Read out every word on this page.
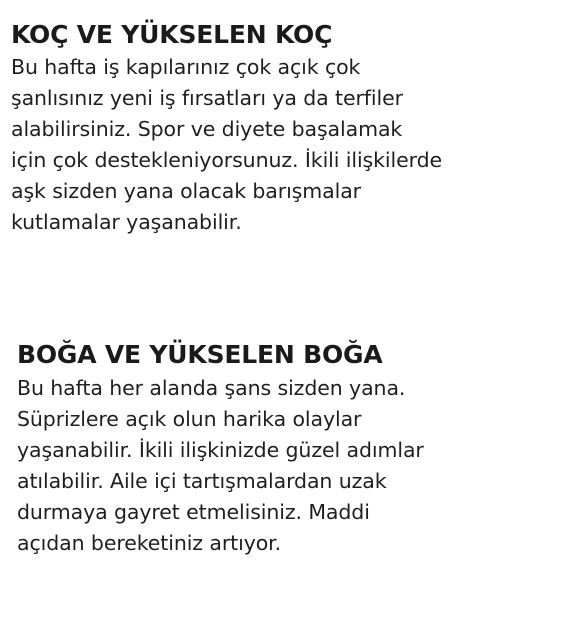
KOÇ VE YÜKSELEN KOÇ
Bu hafta iş kapılarınız çok açık çok
şanlısınız yeni iş fırsatları ya da terfiler
alabilirsiniz. Spor ve diyete başalamak
için çok destekleniyorsunuz. İkili ilişkilerde
aşk sizden yana olacak barışmalar
kutlamalar yaşanabilir.
BOĞA VE YÜKSELEN BOĞA
Bu hafta her alanda şans sizden yana.
Süprizlere açık olun harika olaylar
yaşanabilir. İkili ilişkinizde güzel adımlar
atılabilir. Aile içi tartışmalardan uzak
durmaya gayret etmelisiniz. Maddi
açıdan bereketiniz artıyor.
